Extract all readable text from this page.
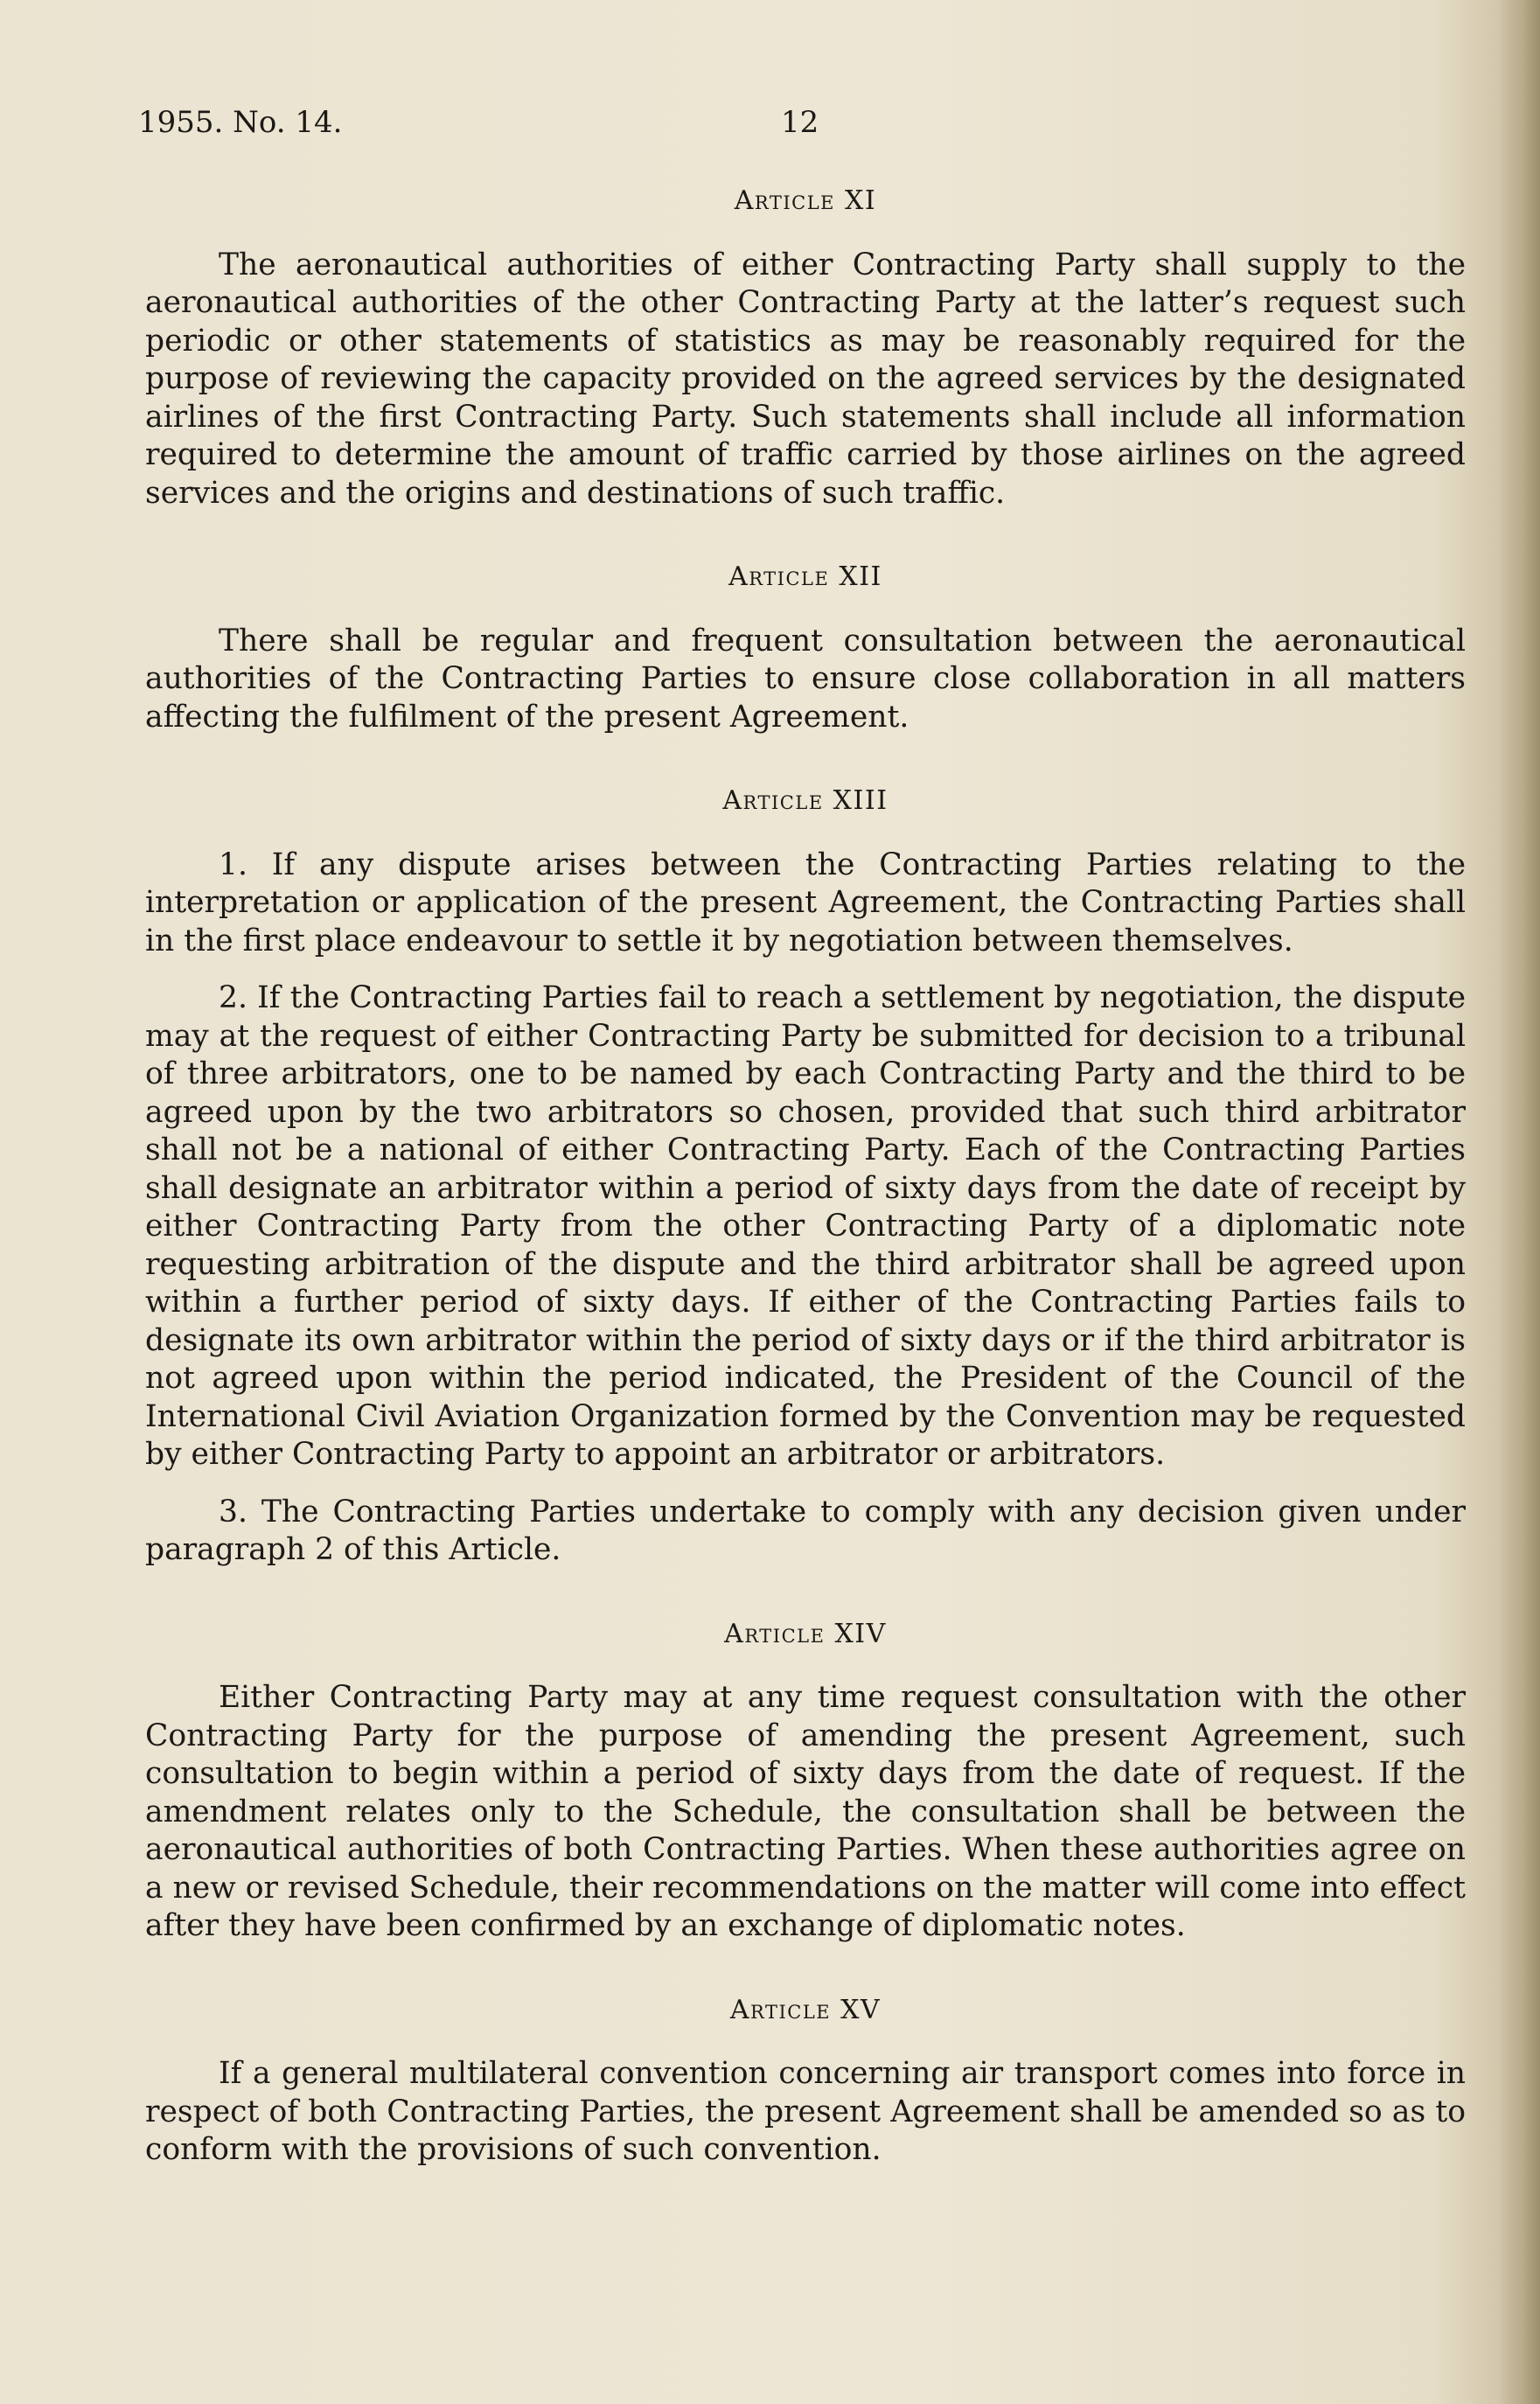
1955. No. 14.	12
Article XI

The aeronautical authorities of either Contracting Party shall supply to the aeronautical authorities of the other Contracting Party at the latter’s request such periodic or other statements of statistics as may be reasonably required for the purpose of reviewing the capacity provided on the agreed services by the designated airlines of the first Contracting Party. Such statements shall include all information required to determine the amount of traffic carried by those airlines on the agreed services and the origins and destinations of such traffic.

Article XII

There shall be regular and frequent consultation between the aeronautical authorities of the Contracting Parties to ensure close collaboration in all matters affecting the fulfilment of the present Agreement.

Article XIII

1. If any dispute arises between the Contracting Parties relating to the interpretation or application of the present Agreement, the Contracting Parties shall in the first place endeavour to settle it by negotiation between themselves.

2. If the Contracting Parties fail to reach a settlement by negotiation, the dispute may at the request of either Contracting Party be submitted for decision to a tribunal of three arbitrators, one to be named by each Contracting Party and the third to be agreed upon by the two arbitrators so chosen, provided that such third arbitrator shall not be a national of either Contracting Party. Each of the Contracting Parties shall designate an arbitrator within a period of sixty days from the date of receipt by either Contracting Party from the other Contracting Party of a diplomatic note requesting arbitration of the dispute and the third arbitrator shall be agreed upon within a further period of sixty days. If either of the Contracting Parties fails to designate its own arbitrator within the period of sixty days or if the third arbitrator is not agreed upon within the period indicated, the President of the Council of the International Civil Aviation Organization formed by the Convention may be requested by either Contracting Party to appoint an arbitrator or arbitrators.

3. The Contracting Parties undertake to comply with any decision given under paragraph 2 of this Article.

Article XIV

Either Contracting Party may at any time request consultation with the other Contracting Party for the purpose of amending the present Agreement, such consultation to begin within a period of sixty days from the date of request. If the amendment relates only to the Schedule, the consultation shall be between the aeronautical authorities of both Contracting Parties. When these authorities agree on a new or revised Schedule, their recommendations on the matter will come into effect after they have been confirmed by an exchange of diplomatic notes.

Article XV

If a general multilateral convention concerning air transport comes into force in respect of both Contracting Parties, the present Agreement shall be amended so as to conform with the provisions of such convention.
